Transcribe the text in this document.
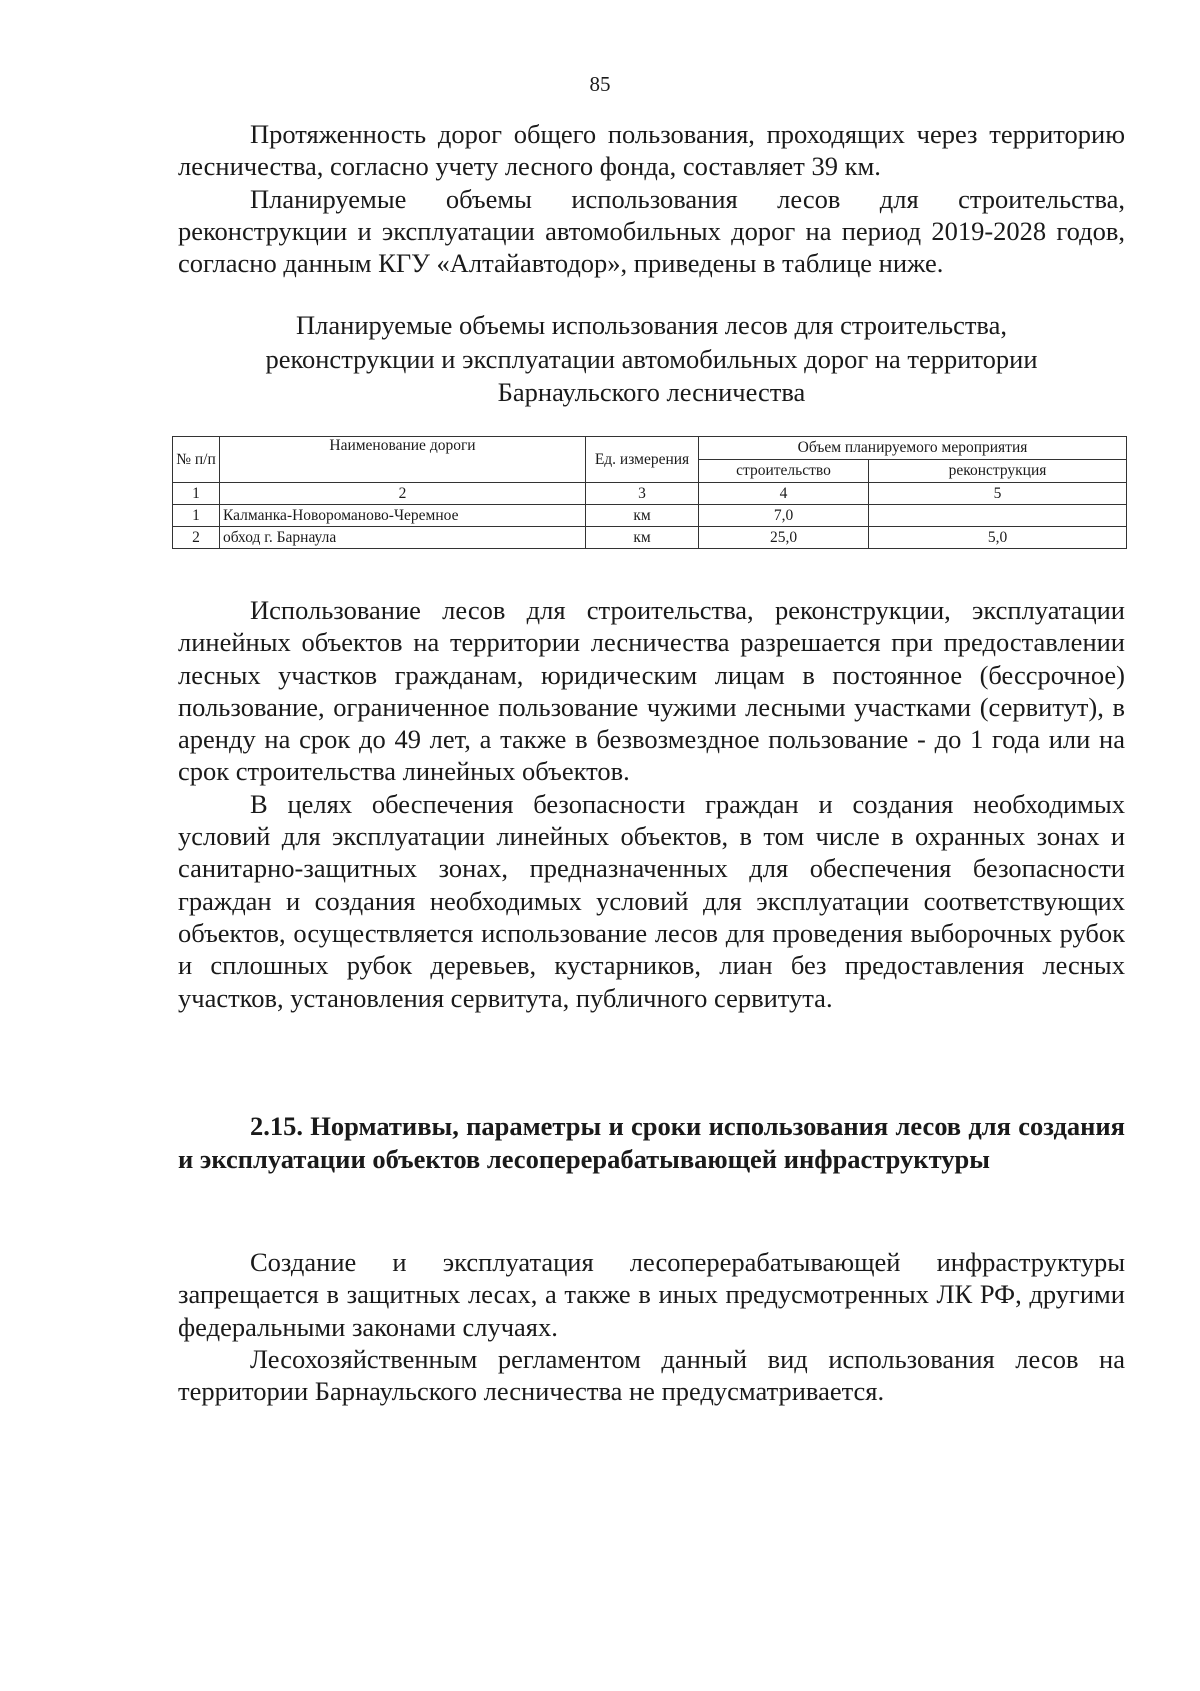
85

Протяженность дорог общего пользования, проходящих через территорию лесничества, согласно учету лесного фонда, составляет 39 км.

Планируемые объемы использования лесов для строительства, реконструкции и эксплуатации автомобильных дорог на период 2019-2028 годов, согласно данным КГУ «Алтайавтодор», приведены в таблице ниже.

Планируемые объемы использования лесов для строительства,
реконструкции и эксплуатации автомобильных дорог на территории
Барнаульского лесничества
№ п/п	Наименование дороги	Ед. измерения	Объем планируемого мероприятия	
			строительство	реконструкция
1	2	3	4	5
1	Калманка-Новороманово-Черемное	км	7,0	
2	обход г. Барнаула	км	25,0	5,0

Использование лесов для строительства, реконструкции, эксплуатации линейных объектов на территории лесничества разрешается при предоставлении лесных участков гражданам, юридическим лицам в постоянное (бессрочное) пользование, ограниченное пользование чужими лесными участками (сервитут), в аренду на срок до 49 лет, а также в безвозмездное пользование - до 1 года или на срок строительства линейных объектов.

В целях обеспечения безопасности граждан и создания необходимых условий для эксплуатации линейных объектов, в том числе в охранных зонах и санитарно-защитных зонах, предназначенных для обеспечения безопасности граждан и создания необходимых условий для эксплуатации соответствующих объектов, осуществляется использование лесов для проведения выборочных рубок и сплошных рубок деревьев, кустарников, лиан без предоставления лесных участков, установления сервитута, публичного сервитута.

2.15. Нормативы, параметры и сроки использования лесов для создания и эксплуатации объектов лесоперерабатывающей инфраструктуры

Создание и эксплуатация лесоперерабатывающей инфраструктуры запрещается в защитных лесах, а также в иных предусмотренных ЛК РФ, другими федеральными законами случаях.

Лесохозяйственным регламентом данный вид использования лесов на территории Барнаульского лесничества не предусматривается.
